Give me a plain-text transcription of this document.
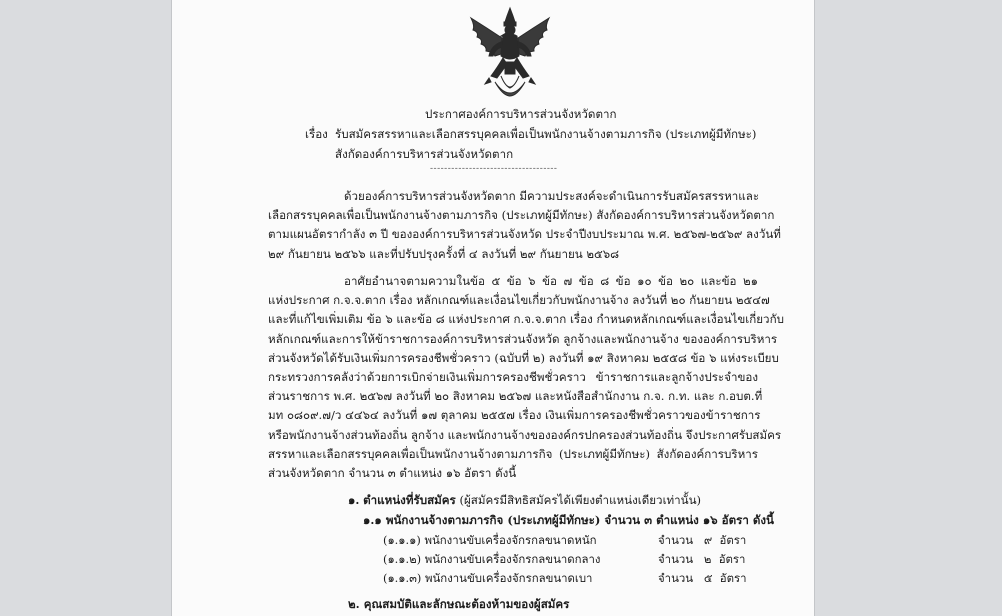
ประกาศองค์การบริหารส่วนจังหวัดตาก
เรื่อง รับสมัครสรรหาและเลือกสรรบุคคลเพื่อเป็นพนักงานจ้างตามภารกิจ (ประเภทผู้มีทักษะ)
สังกัดองค์การบริหารส่วนจังหวัดตาก
------------------------------------
ด้วยองค์การบริหารส่วนจังหวัดตาก มีความประสงค์จะดำเนินการรับสมัครสรรหาและ
เลือกสรรบุคคลเพื่อเป็นพนักงานจ้างตามภารกิจ (ประเภทผู้มีทักษะ) สังกัดองค์การบริหารส่วนจังหวัดตาก
ตามแผนอัตรากำลัง ๓ ปี ขององค์การบริหารส่วนจังหวัด ประจำปีงบประมาณ พ.ศ. ๒๕๖๗-๒๕๖๙ ลงวันที่
๒๙ กันยายน ๒๕๖๖ และที่ปรับปรุงครั้งที่ ๔ ลงวันที่ ๒๙ กันยายน ๒๕๖๘
อาศัยอำนาจตามความในข้อ ๕ ข้อ ๖ ข้อ ๗ ข้อ ๘ ข้อ ๑๐ ข้อ ๒๐ และข้อ ๒๑
แห่งประกาศ ก.จ.จ.ตาก เรื่อง หลักเกณฑ์และเงื่อนไขเกี่ยวกับพนักงานจ้าง ลงวันที่ ๒๐ กันยายน ๒๕๔๗
และที่แก้ไขเพิ่มเติม ข้อ ๖ และข้อ ๘ แห่งประกาศ ก.จ.จ.ตาก เรื่อง กำหนดหลักเกณฑ์และเงื่อนไขเกี่ยวกับ
หลักเกณฑ์และการให้ข้าราชการองค์การบริหารส่วนจังหวัด ลูกจ้างและพนักงานจ้าง ขององค์การบริหาร
ส่วนจังหวัดได้รับเงินเพิ่มการครองชีพชั่วคราว (ฉบับที่ ๒) ลงวันที่ ๑๙ สิงหาคม ๒๕๕๘ ข้อ ๖ แห่งระเบียบ
กระทรวงการคลังว่าด้วยการเบิกจ่ายเงินเพิ่มการครองชีพชั่วคราว ข้าราชการและลูกจ้างประจำของ
ส่วนราชการ พ.ศ. ๒๕๖๗ ลงวันที่ ๒๐ สิงหาคม ๒๕๖๗ และหนังสือสำนักงาน ก.จ. ก.ท. และ ก.อบต.ที่
มท ๐๘๐๙.๗/ว ๔๔๖๔ ลงวันที่ ๑๗ ตุลาคม ๒๕๕๗ เรื่อง เงินเพิ่มการครองชีพชั่วคราวของข้าราชการ
หรือพนักงานจ้างส่วนท้องถิ่น ลูกจ้าง และพนักงานจ้างขององค์กรปกครองส่วนท้องถิ่น จึงประกาศรับสมัคร
สรรหาและเลือกสรรบุคคลเพื่อเป็นพนักงานจ้างตามภารกิจ (ประเภทผู้มีทักษะ) สังกัดองค์การบริหาร
ส่วนจังหวัดตาก จำนวน ๓ ตำแหน่ง ๑๖ อัตรา ดังนี้
๑. ตำแหน่งที่รับสมัคร (ผู้สมัครมีสิทธิสมัครได้เพียงตำแหน่งเดียวเท่านั้น)
๑.๑ พนักงานจ้างตามภารกิจ (ประเภทผู้มีทักษะ) จำนวน ๓ ตำแหน่ง ๑๖ อัตรา ดังนี้
(๑.๑.๑) พนักงานขับเครื่องจักรกลขนาดหนัก	จำนวน ๙ อัตรา
(๑.๑.๒) พนักงานขับเครื่องจักรกลขนาดกลาง	จำนวน ๒ อัตรา
(๑.๑.๓) พนักงานขับเครื่องจักรกลขนาดเบา	จำนวน ๕ อัตรา
๒. คุณสมบัติและลักษณะต้องห้ามของผู้สมัคร
